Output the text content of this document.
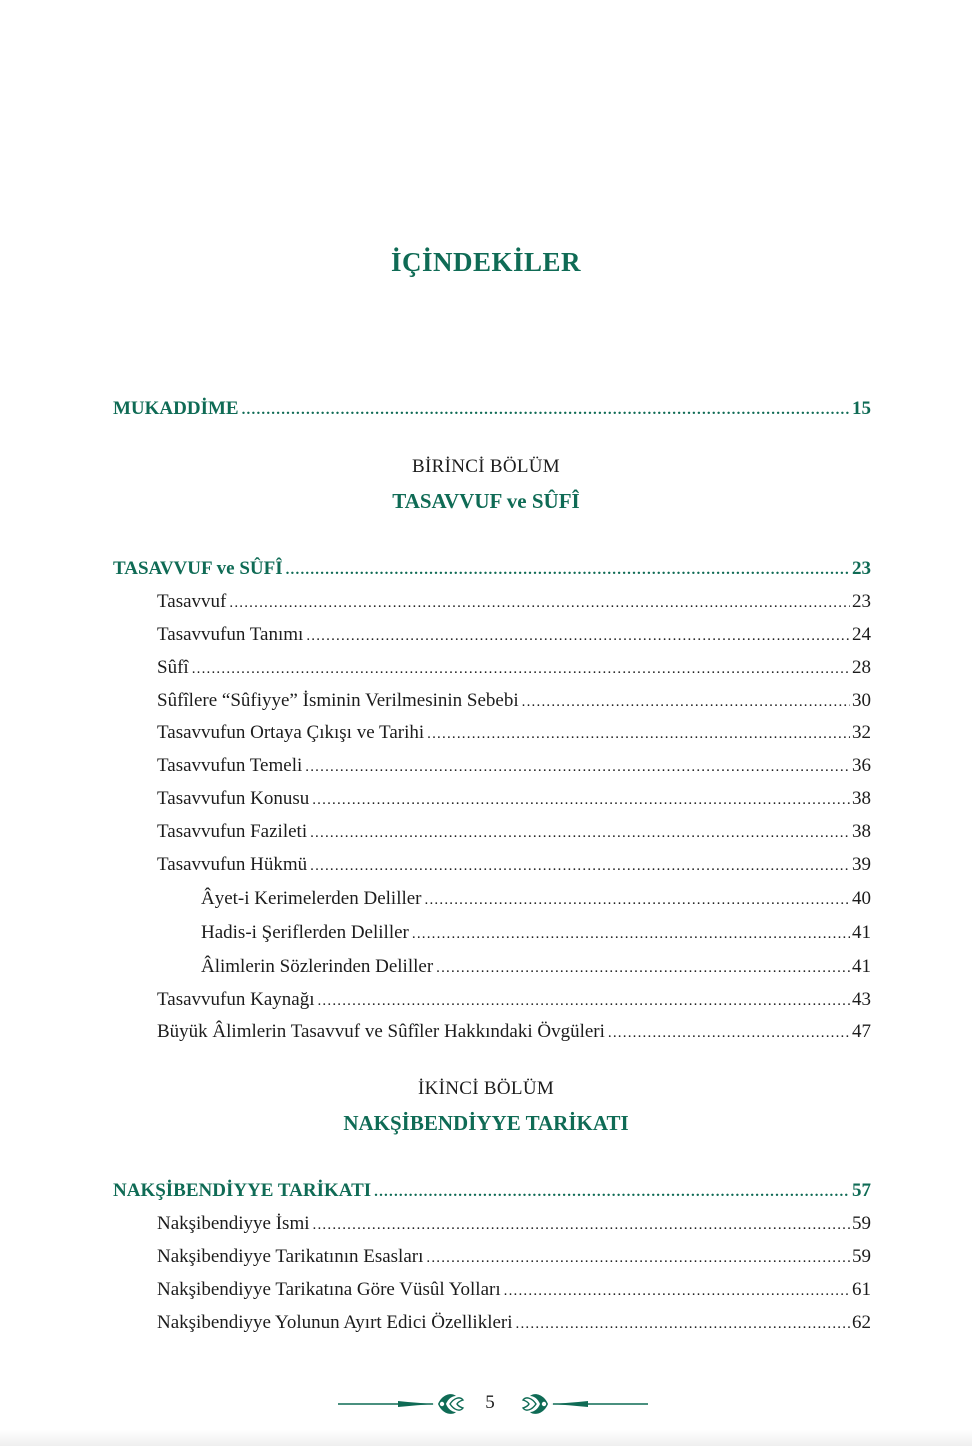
İÇİNDEKİLER
MUKADDİME .....	15
BİRİNCİ BÖLÜM
TASAVVUF ve SÛFÎ
TASAVVUF ve SÛFÎ .....	23
Tasavvuf .....	23
Tasavvufun Tanımı .....	24
Sûfî .....	28
Sûfîlere “Sûfiyye” İsminin Verilmesinin Sebebi .....	30
Tasavvufun Ortaya Çıkışı ve Tarihi .....	32
Tasavvufun Temeli .....	36
Tasavvufun Konusu .....	38
Tasavvufun Fazileti .....	38
Tasavvufun Hükmü .....	39
Âyet-i Kerimelerden Deliller .....	40
Hadis-i Şeriflerden Deliller .....	41
Âlimlerin Sözlerinden Deliller .....	41
Tasavvufun Kaynağı .....	43
Büyük Âlimlerin Tasavvuf ve Sûfîler Hakkındaki Övgüleri .....	47
İKİNCİ BÖLÜM
NAKŞİBENDİYYE TARİKATI
NAKŞİBENDİYYE TARİKATI .....	57
Nakşibendiyye İsmi .....	59
Nakşibendiyye Tarikatının Esasları .....	59
Nakşibendiyye Tarikatına Göre Vüsûl Yolları .....	61
Nakşibendiyye Yolunun Ayırt Edici Özellikleri .....	62
5
